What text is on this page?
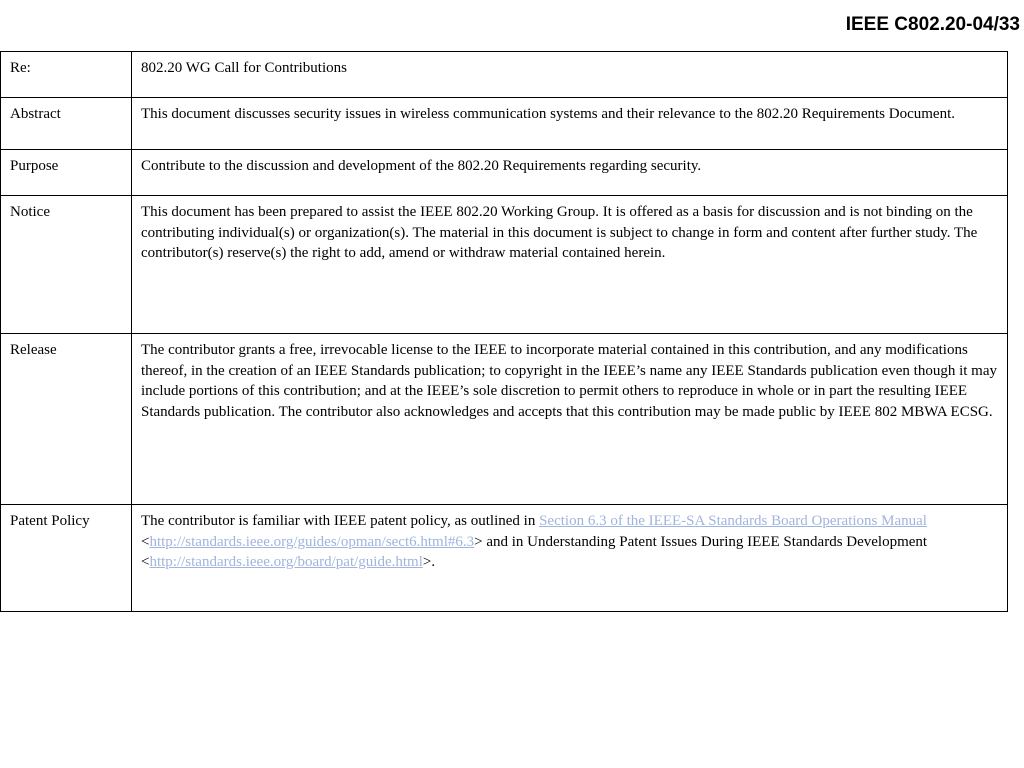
IEEE C802.20-04/33
Re:	802.20 WG Call for Contributions
Abstract	This document discusses security issues in wireless communication systems and their relevance to the 802.20 Requirements Document.
Purpose	Contribute to the discussion and development of the 802.20 Requirements regarding security.
Notice	This document has been prepared to assist the IEEE 802.20 Working Group. It is offered as a basis for discussion and is not binding on the contributing individual(s) or organization(s). The material in this document is subject to change in form and content after further study. The contributor(s) reserve(s) the right to add, amend or withdraw material contained herein.
Release	The contributor grants a free, irrevocable license to the IEEE to incorporate material contained in this contribution, and any modifications thereof, in the creation of an IEEE Standards publication; to copyright in the IEEE’s name any IEEE Standards publication even though it may include portions of this contribution; and at the IEEE’s sole discretion to permit others to reproduce in whole or in part the resulting IEEE Standards publication. The contributor also acknowledges and accepts that this contribution may be made public by IEEE 802 MBWA ECSG.
Patent Policy	The contributor is familiar with IEEE patent policy, as outlined in Section 6.3 of the IEEE-SA Standards Board Operations Manual <http://standards.ieee.org/guides/opman/sect6.html#6.3> and in Understanding Patent Issues During IEEE Standards Development <http://standards.ieee.org/board/pat/guide.html>.
